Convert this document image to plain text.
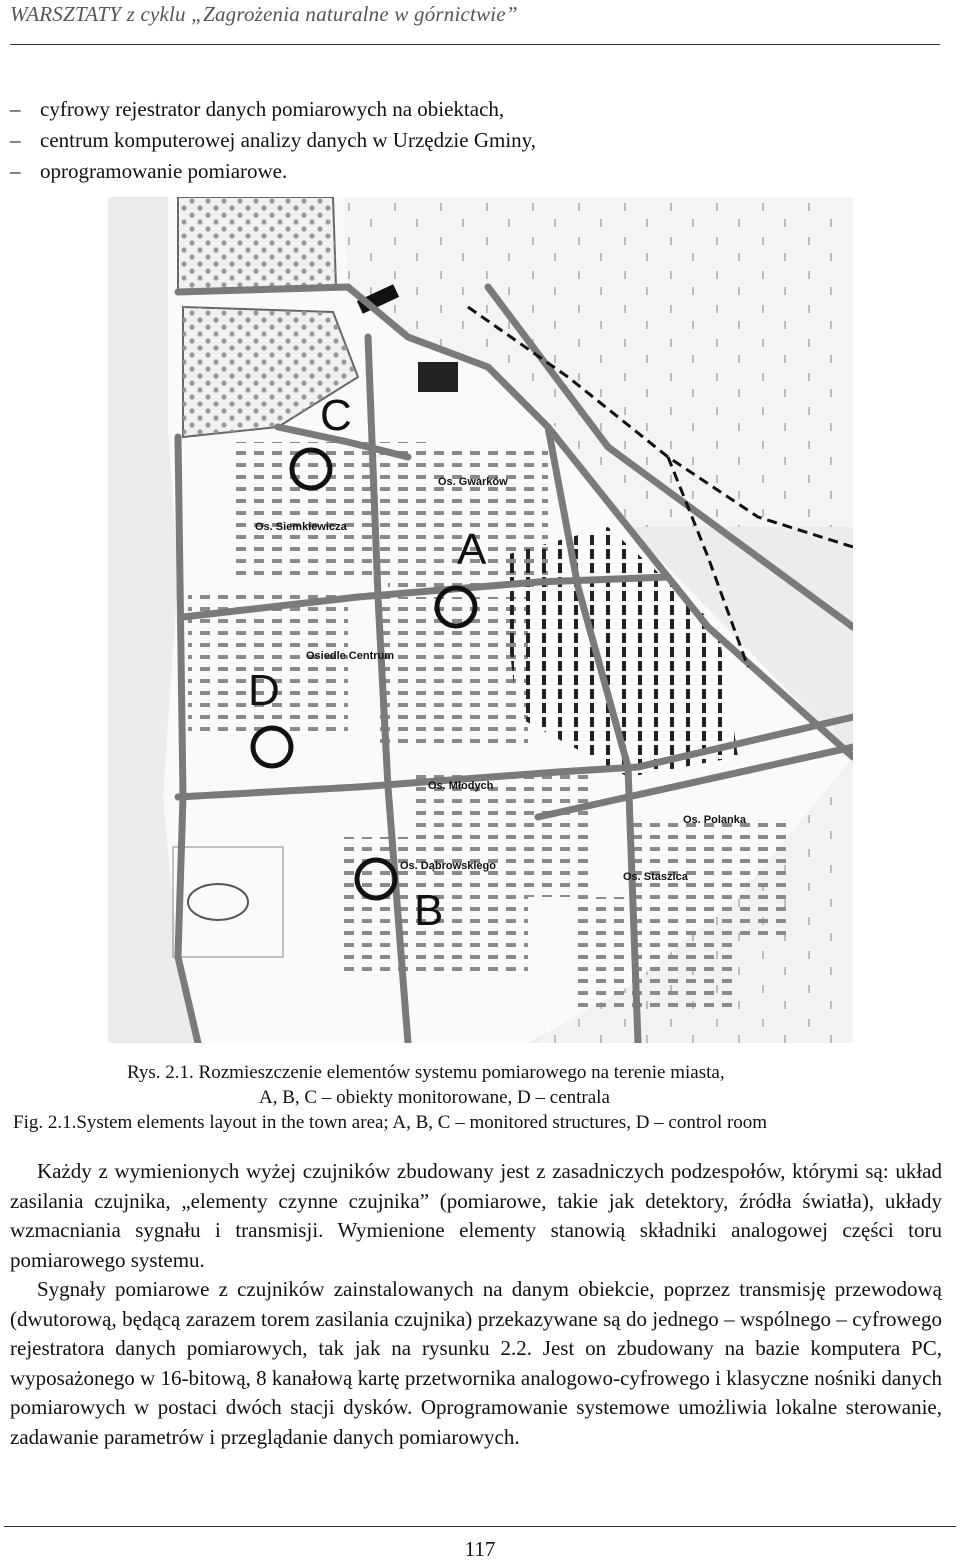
WARSZTATY z cyklu „Zagrożenia naturalne w górnictwie”
– cyfrowy rejestrator danych pomiarowych na obiektach,
– centrum komputerowej analizy danych w Urzędzie Gminy,
– oprogramowanie pomiarowe.
Os. Siemkiewicza
Os. Gwarków
Osiedle Centrum
Os. Młodych
Os. Polanka
Os. Dąbrowskiego
Os. Staszica
C
A
D
B
Rys. 2.1. Rozmieszczenie elementów systemu pomiarowego na terenie miasta,
A, B, C – obiekty monitorowane, D – centrala
Fig. 2.1.System elements layout in the town area; A, B, C – monitored structures, D – control room

Każdy z wymienionych wyżej czujników zbudowany jest z zasadniczych podzespołów, którymi są: układ zasilania czujnika, „elementy czynne czujnika” (pomiarowe, takie jak detektory, źródła światła), układy wzmacniania sygnału i transmisji. Wymienione elementy stanowią składniki analogowej części toru pomiarowego systemu.

Sygnały pomiarowe z czujników zainstalowanych na danym obiekcie, poprzez transmisję przewodową (dwutorową, będącą zarazem torem zasilania czujnika) przekazywane są do jednego – wspólnego – cyfrowego rejestratora danych pomiarowych, tak jak na rysunku 2.2. Jest on zbudowany na bazie komputera PC, wyposażonego w 16-bitową, 8 kanałową kartę przetwornika analogowo-cyfrowego i klasyczne nośniki danych pomiarowych w postaci dwóch stacji dysków. Oprogramowanie systemowe umożliwia lokalne sterowanie, zadawanie parametrów i przeglądanie danych pomiarowych.

117
